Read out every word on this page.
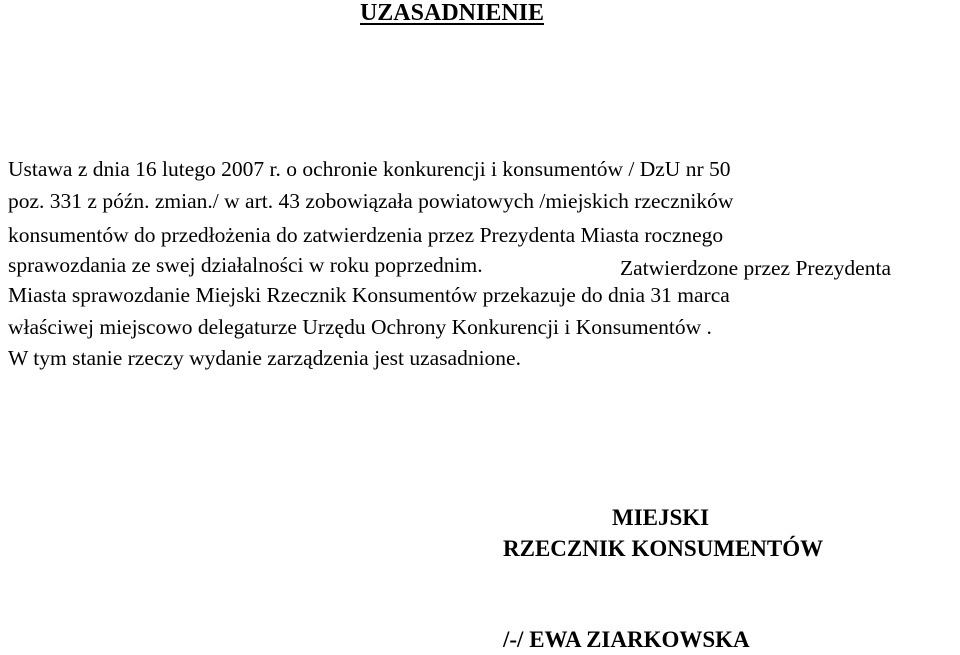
UZASADNIENIE
Ustawa z dnia 16 lutego 2007 r. o ochronie konkurencji i konsumentów / DzU nr 50
poz. 331 z późn. zmian./ w art. 43 zobowiązała powiatowych /miejskich rzeczników
konsumentów do przedłożenia do zatwierdzenia przez Prezydenta Miasta rocznego
sprawozdania ze swej działalności w roku poprzednim.	Zatwierdzone przez Prezydenta
Miasta sprawozdanie Miejski Rzecznik Konsumentów przekazuje do dnia 31 marca
właściwej miejscowo delegaturze Urzędu Ochrony Konkurencji i Konsumentów .
W tym stanie rzeczy wydanie zarządzenia jest uzasadnione.
MIEJSKI
RZECZNIK KONSUMENTÓW
/-/ EWA ZIARKOWSKA
